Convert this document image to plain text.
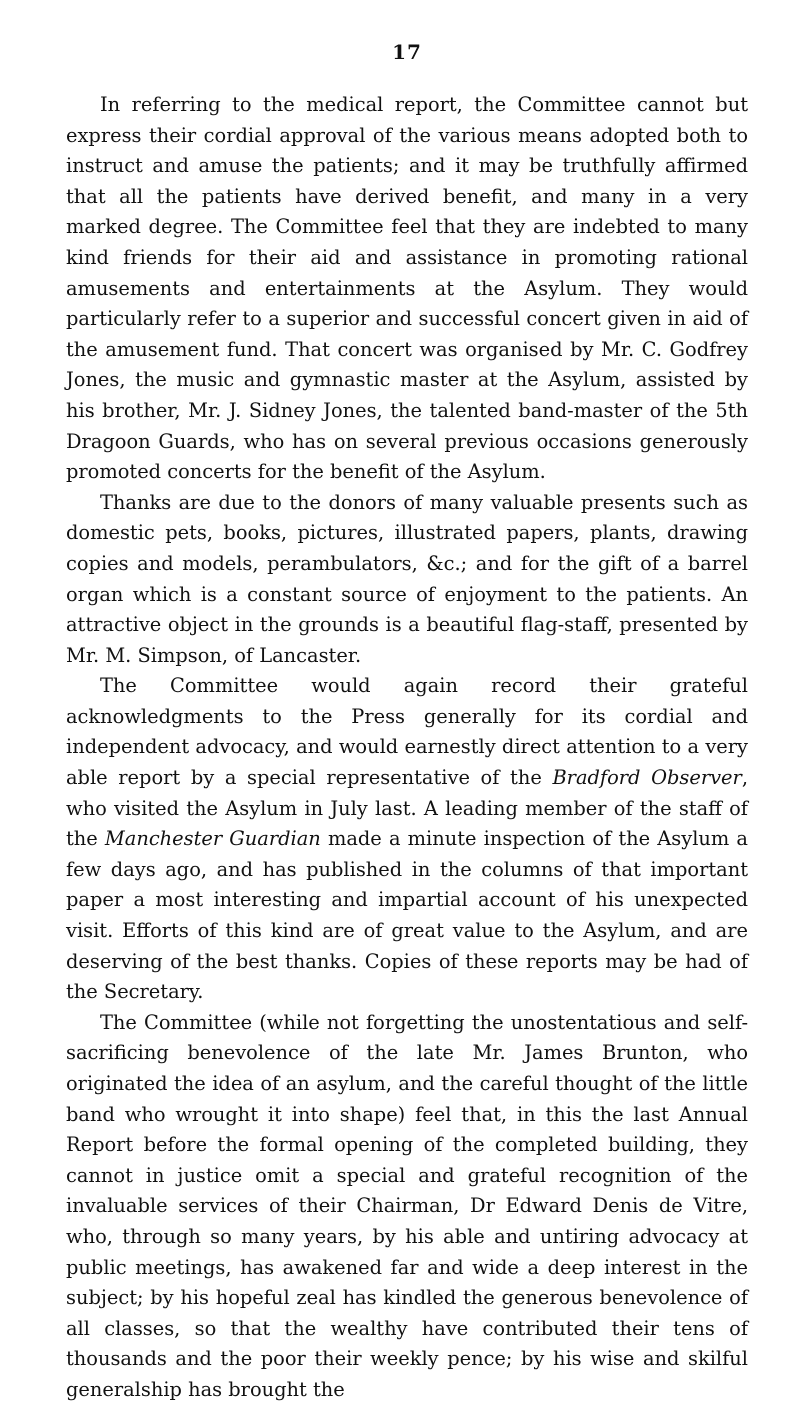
17

In referring to the medical report, the Committee cannot but express their cordial approval of the various means adopted both to instruct and amuse the patients; and it may be truthfully affirmed that all the patients have derived benefit, and many in a very marked degree. The Committee feel that they are indebted to many kind friends for their aid and assistance in promoting rational amusements and entertainments at the Asylum. They would particularly refer to a superior and successful concert given in aid of the amusement fund. That concert was organised by Mr. C. Godfrey Jones, the music and gymnastic master at the Asylum, assisted by his brother, Mr. J. Sidney Jones, the talented band-master of the 5th Dragoon Guards, who has on several previous occasions generously promoted concerts for the benefit of the Asylum.

Thanks are due to the donors of many valuable presents such as domestic pets, books, pictures, illustrated papers, plants, drawing copies and models, perambulators, &c.; and for the gift of a barrel organ which is a constant source of enjoyment to the patients. An attractive object in the grounds is a beautiful flag-staff, presented by Mr. M. Simpson, of Lancaster.

The Committee would again record their grateful acknowledgments to the Press generally for its cordial and independent advocacy, and would earnestly direct attention to a very able report by a special representative of the Bradford Observer, who visited the Asylum in July last. A leading member of the staff of the Manchester Guardian made a minute inspection of the Asylum a few days ago, and has published in the columns of that important paper a most interesting and impartial account of his unexpected visit. Efforts of this kind are of great value to the Asylum, and are deserving of the best thanks. Copies of these reports may be had of the Secretary.

The Committee (while not forgetting the unostentatious and self-sacrificing benevolence of the late Mr. James Brunton, who originated the idea of an asylum, and the careful thought of the little band who wrought it into shape) feel that, in this the last Annual Report before the formal opening of the completed building, they cannot in justice omit a special and grateful recognition of the invaluable services of their Chairman, Dr Edward Denis de Vitre, who, through so many years, by his able and untiring advocacy at public meetings, has awakened far and wide a deep interest in the subject; by his hopeful zeal has kindled the generous benevolence of all classes, so that the wealthy have contributed their tens of thousands and the poor their weekly pence; by his wise and skilful generalship has brought the
